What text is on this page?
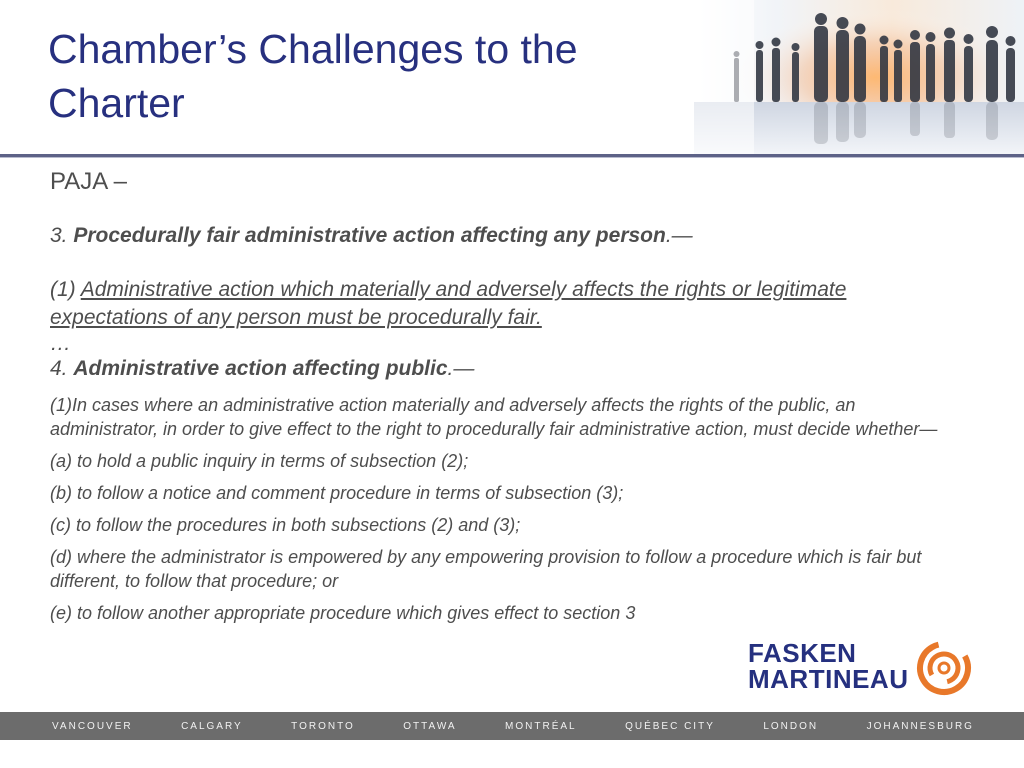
Chamber’s Challenges to the
Charter

PAJA –

3. Procedurally fair administrative action affecting any person.—

(1) Administrative action which materially and adversely affects the rights or legitimate expectations of any person must be procedurally fair.

…

4. Administrative action affecting public.—

(1)In cases where an administrative action materially and adversely affects the rights of the public, an administrator, in order to give effect to the right to procedurally fair administrative action, must decide whether—

(a) to hold a public inquiry in terms of subsection (2);

(b) to follow a notice and comment procedure in terms of subsection (3);

(c) to follow the procedures in both subsections (2) and (3);

(d) where the administrator is empowered by any empowering provision to follow a procedure which is fair but different, to follow that procedure; or

(e) to follow another appropriate procedure which gives effect to section 3

FASKEN
MARTINEAU
VANCOUVER	CALGARY	TORONTO	OTTAWA	MONTRÉAL	QUÉBEC CITY	LONDON	JOHANNESBURG
